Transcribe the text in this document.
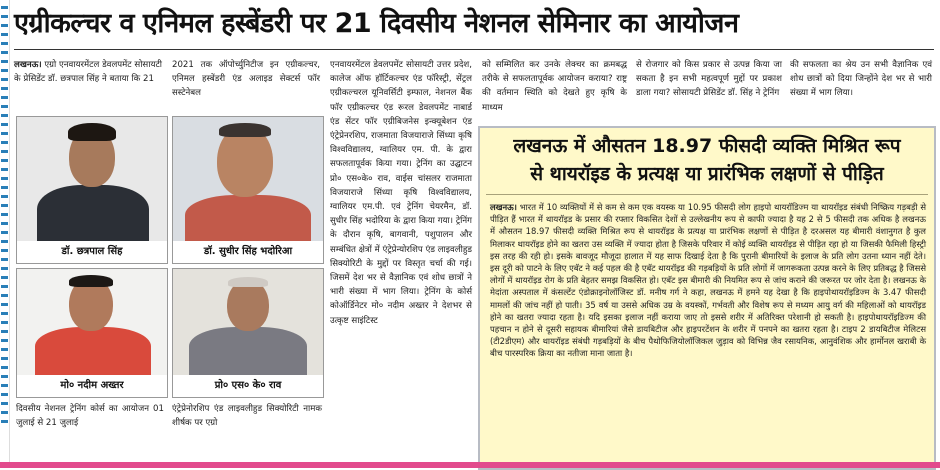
एग्रीकल्चर व एनिमल हस्बेंडरी पर 21 दिवसीय नेशनल सेमिनार का आयोजन
लखनऊ। एग्रो एनवायरमेंटल डेवलपमेंट सोसायटी के प्रेसिडेंट डॉ. छत्रपाल सिंह ने बताया कि 21
2021 तक ऑपोर्च्युनिटीज इन एग्रीकल्चर, एनिमल हस्बेंडरी एंड अलाइड सेक्टर्स फॉर सस्टेनेबल
एनवायरमेंटल डेवलपमेंट सोसायटी उत्तर प्रदेश, कालेज ऑफ हॉर्टिकल्चर एंड फॉरेस्ट्री, सेंट्रल एग्रीकल्चरल यूनिवर्सिटी इम्फाल, नेशनल बैंक फॉर एग्रीकल्चर एंड रूरल डेवलपमेंट नाबार्ड एंड सेंटर फॉर एग्रीबिजनेस इन्क्यूबेशन एंड एंट्रेप्रेनरशिप, राजमाता विजयाराजे सिंध्या कृषि विश्वविद्यालय, ग्वालियर एम. पी. के द्वारा सफलतापूर्वक किया गया। ट्रेनिंग का उद्घाटन प्रो० एस०के० राव, वाईस चांसलर राजमाता विजयाराजे सिंध्या कृषि विश्वविद्यालय, ग्वालियर एम.पी. एवं ट्रेनिंग चेयरमैन, डॉ. सुधीर सिंह भदोरिया के द्वारा किया गया। ट्रेनिंग के दौरान कृषि, बागवानी, पशुपालन और सम्बंधित क्षेत्रों में एंट्रेप्रेन्योरशिप एंड लाइवलीहुड सिक्योरिटी के मुद्दों पर विस्तृत चर्चा की गई। जिसमें देश भर से वैज्ञानिक एवं शोध छात्रों ने भारी संख्या में भाग लिया। ट्रेनिंग के कोर्स कोऑर्डिनेटर मो० नदीम अख्तर ने देशभर से उत्कृष्ट साइंटिस्ट
को सम्मिलित कर उनके लेक्चर का क्रमबद्ध तरीके से सफलतापूर्वक आयोजन कराया? राष्ट्र की वर्तमान स्थिति को देखते हुए कृषि के माध्यम
से रोजगार को किस प्रकार से उत्पन्न किया जा सकता है इन सभी महत्वपूर्ण मुद्दों पर प्रकाश डाला गया? सोसायटी प्रेसिडेंट डॉ. सिंह ने ट्रेनिंग
की सफलता का श्रेय उन सभी वैज्ञानिक एवं शोध छात्रों को दिया जिन्होंने देश भर से भारी संख्या में भाग लिया।
डॉ. छत्रपाल सिंह	डॉ. सुधीर सिंह भदोरिआ
मो० नदीम अख्तर	प्रो० एस० के० राव
दिवसीय नेशनल ट्रेनिंग कोर्स का आयोजन 01 जुलाई से 21 जुलाई
एंट्रेप्रेनोरशिप एंड लाइवलीहुड सिक्योरिटी नामक शीर्षक पर एग्रो
लखनऊ में औसतन 18.97 फीसदी व्यक्ति मिश्रित रूप
से थायरॉइड के प्रत्यक्ष या प्रारंभिक लक्षणों से पीड़ित
लखनऊ। भारत में 10 व्यक्तियों में से कम से कम एक वयस्क या 10.95 फीसदी लोग हाइपो थायरॉडिज्म या थायरॉइड संबंधी निष्क्रिय गड़बड़ी से पीड़ित हैं भारत में थायरॉइड के प्रसार की रफ्तार विकसित देशों से उल्लेखनीय रूप से काफी ज्यादा है यह 2 से 5 फीसदी तक अधिक है लखनऊ में औसतन 18.97 फीसदी व्यक्ति मिश्रित रूप से थायरॉइड के प्रत्यक्ष या प्रारंभिक लक्षणों से पीड़ित है दरअसल यह बीमारी वंशानुगत है कुल मिलाकर थायरॉइड होने का खतरा उस व्यक्ति में ज्यादा होता है जिसके परिवार में कोई व्यक्ति थायरॉइड से पीड़ित रहा हो या जिसकी फैमिली हिस्ट्री इस तरह की रही हो। इसके बावजूद मौजूदा हालात में यह साफ दिखाई देता है कि पुरानी बीमारियों के इलाज के प्रति लोग उतना ध्यान नहीं देते। इस दूरी को पाटने के लिए एबॅट ने कई पहल की है एबॅट थायरॉइड की गड़बड़ियों के प्रति लोगों में जागरूकता उत्पन्न करने के लिए प्रतिबद्ध है जिससे लोगों में थायरॉइड रोग के प्रति बेहतर समझ विकसित हो। एबॅट इस बीमारी की नियमित रूप से जांच कराने की जरूरत पर जोर देता है। लखनऊ के मेदांता अस्पताल में कंसल्टेंट एंडोक्राइनोलॉजिस्ट डॉ. मनीष गर्ग ने कहा, लखनऊ में हमने यह देखा है कि हाइपोथायरॉइडिज्म के 3.47 फीसदी मामलों की जांच नहीं हो पाती। 35 वर्ष या उससे अधिक उम्र के वयस्कों, गर्भवती और विशेष रूप से मध्यम आयु वर्ग की महिलाओं को थायरॉइड होने का खतरा ज्यादा रहता है। यदि इसका इलाज नहीं कराया जाए तो इससे शरीर में अतिरिक्त परेशानी हो सकती है। हाइपोथायरॉइडिज्म की पहचान न होने से दूसरी सहायक बीमारियां जैसे डायबिटीज और हाइपरटेंशन के शरीर में पनपने का खतरा रहता है। टाइप 2 डायबिटीज मेलिटस (टी2डीएम) और थायरॉइड संबंधी गड़बड़ियों के बीच पैथोफिजियोलॉजिकल जुड़ाव को विभिन्न जैव रसायनिक, आनुवंशिक और हार्मोनल खराबी के बीच पारस्परिक क्रिया का नतीजा माना जाता है।
